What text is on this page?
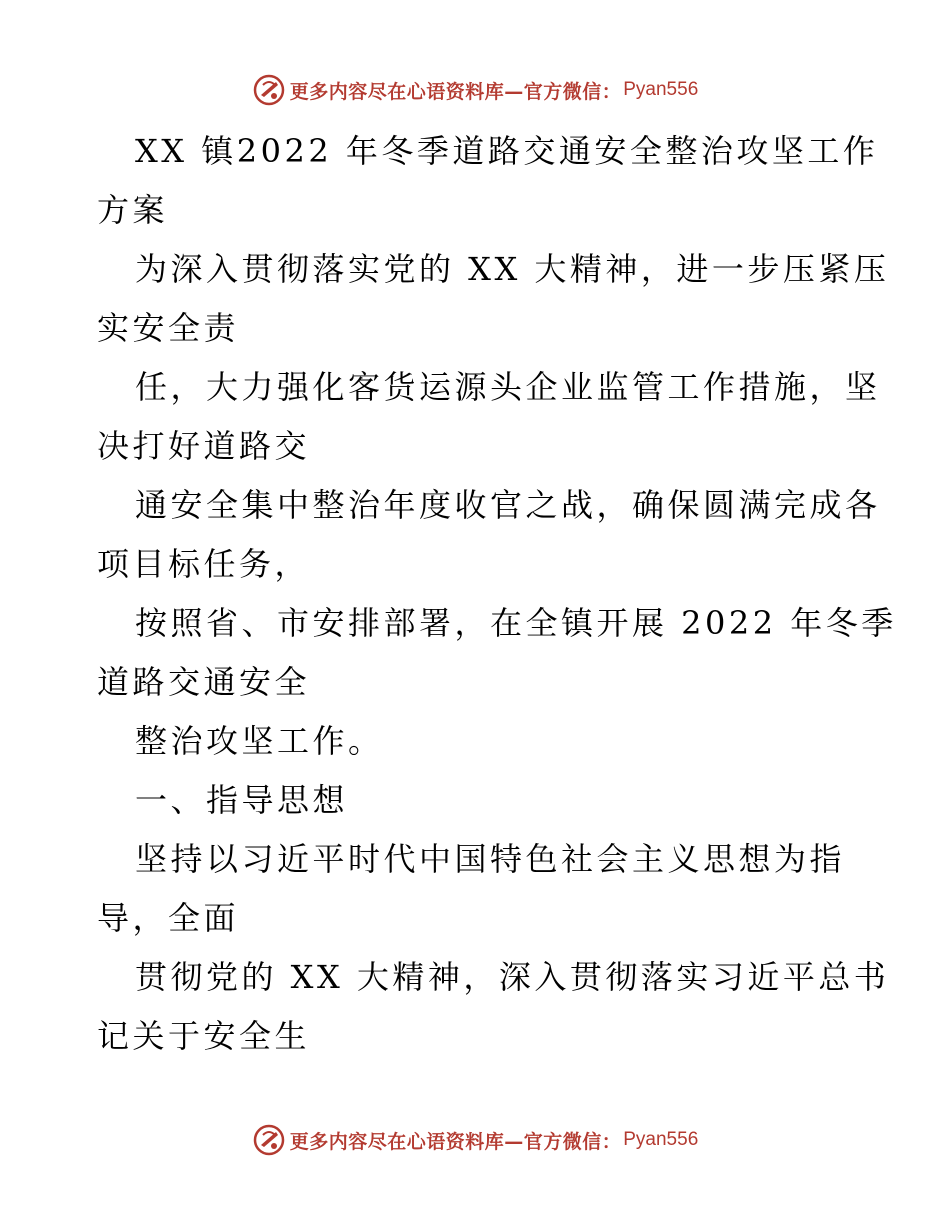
更多内容尽在心语资料库—官方微信： Pyan556
XX 镇2022 年冬季道路交通安全整治攻坚工作
方案
为深入贯彻落实党的 XX 大精神，进一步压紧压
实安全责
任，大力强化客货运源头企业监管工作措施，坚
决打好道路交
通安全集中整治年度收官之战，确保圆满完成各
项目标任务，
按照省、市安排部署，在全镇开展 2022 年冬季
道路交通安全
整治攻坚工作。
一、指导思想
坚持以习近平时代中国特色社会主义思想为指
导，全面
贯彻党的 XX 大精神，深入贯彻落实习近平总书
记关于安全生
更多内容尽在心语资料库—官方微信： Pyan556
